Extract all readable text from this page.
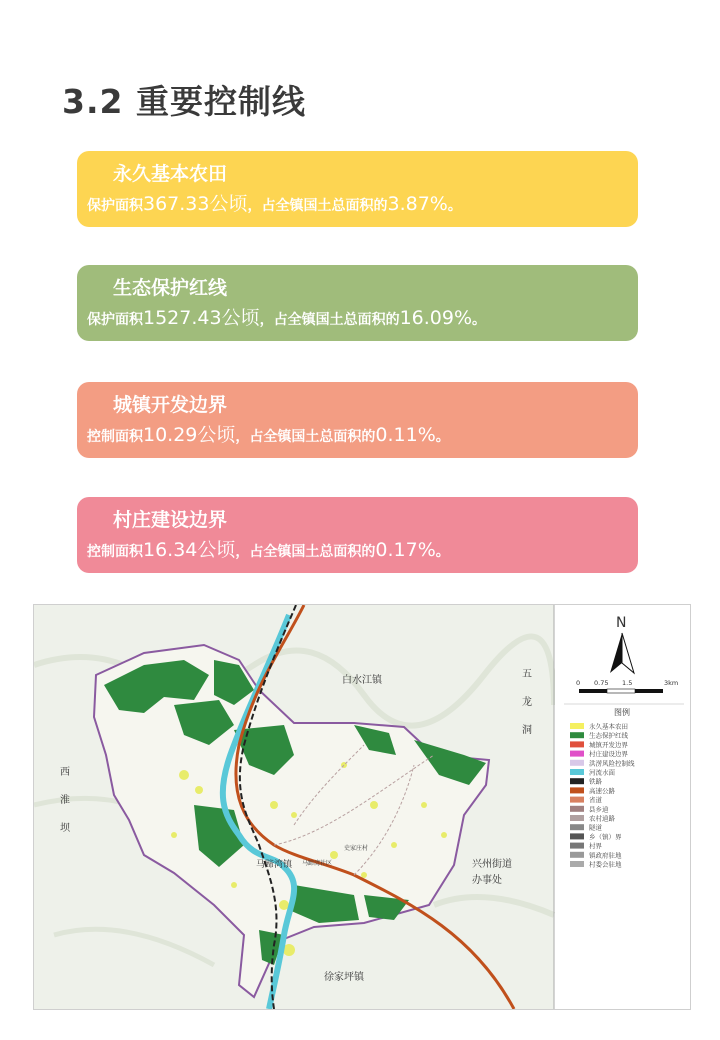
3.2 重要控制线
永久基本农田
保护面积367.33公顷，占全镇国土总面积的3.87%。
生态保护红线
保护面积1527.43公顷，占全镇国土总面积的16.09%。
城镇开发边界
控制面积10.29公顷，占全镇国土总面积的0.11%。
村庄建设边界
控制面积16.34公顷，占全镇国土总面积的0.17%。
白水江镇
五
龙
洞
西
淮
坝
兴州街道
办事处
徐家坪镇
马蹄湾镇 马蹄湾社区
史家庄村
N
0 0.75 1.5	3km
图例
永久基本农田
生态保护红线
城镇开发边界
村庄建设边界
洪涝风险控制线
河流水面
铁路
高速公路
省道
县乡道
农村道路
隧道
乡（镇）界
村界
镇政府驻地
村委会驻地
